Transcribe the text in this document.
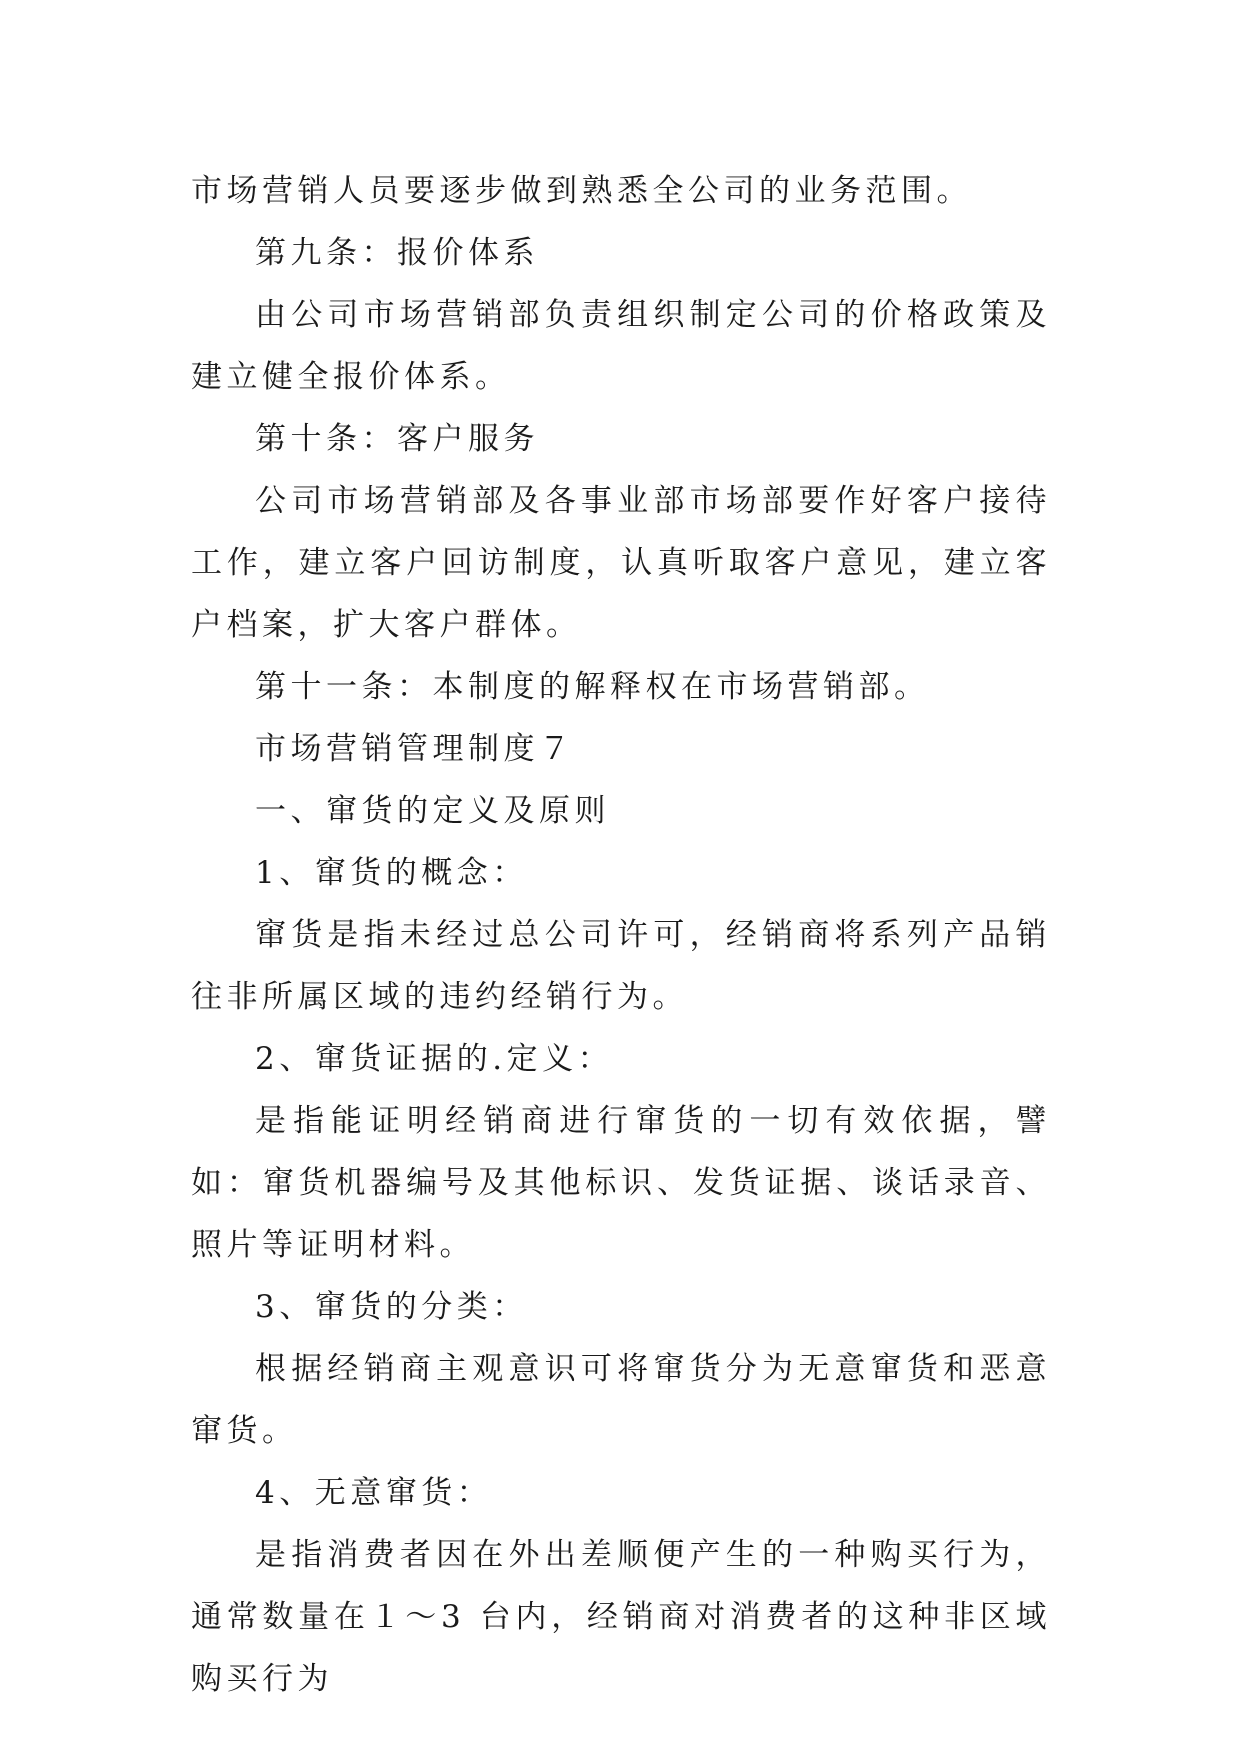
市场营销人员要逐步做到熟悉全公司的业务范围。

第九条：报价体系

由公司市场营销部负责组织制定公司的价格政策及建立健全报价体系。

第十条：客户服务

公司市场营销部及各事业部市场部要作好客户接待工作，建立客户回访制度，认真听取客户意见，建立客户档案，扩大客户群体。

第十一条：本制度的解释权在市场营销部。

市场营销管理制度７

一、窜货的定义及原则

1、窜货的概念：

窜货是指未经过总公司许可，经销商将系列产品销往非所属区域的违约经销行为。

2、窜货证据的.定义：

是指能证明经销商进行窜货的一切有效依据，譬如：窜货机器编号及其他标识、发货证据、谈话录音、照片等证明材料。

3、窜货的分类：

根据经销商主观意识可将窜货分为无意窜货和恶意窜货。

4、无意窜货：

是指消费者因在外出差顺便产生的一种购买行为，通常数量在１～3 台内，经销商对消费者的这种非区域购买行为
